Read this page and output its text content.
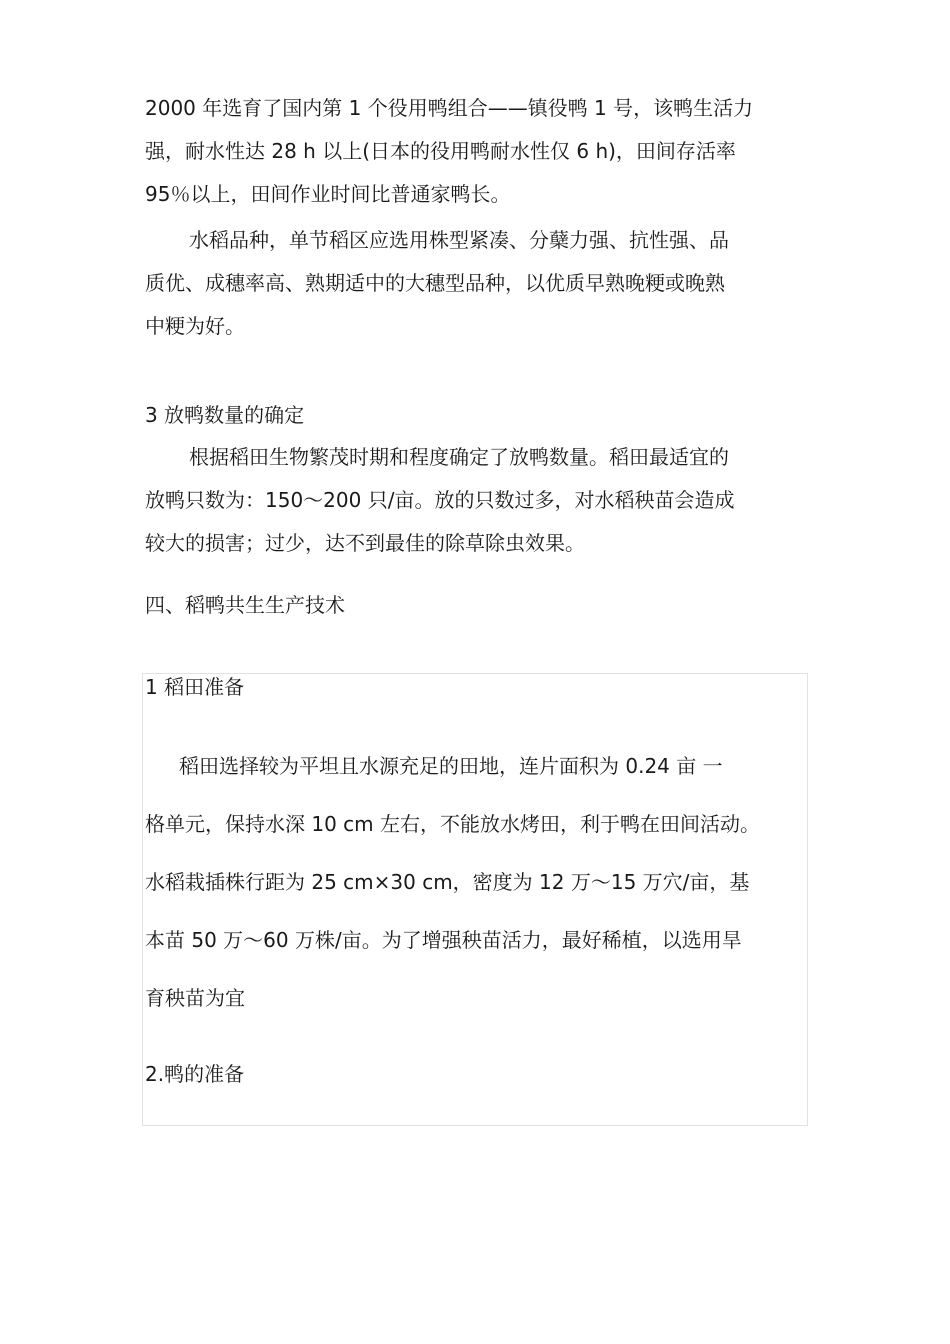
2000 年选育了国内第 1 个役用鸭组合——镇役鸭 1 号，该鸭生活力
强，耐水性达 28 h 以上(日本的役用鸭耐水性仅 6 h)，田间存活率
95％以上，田间作业时间比普通家鸭长。
水稻品种，单节稻区应选用株型紧凑、分蘖力强、抗性强、品
质优、成穗率高、熟期适中的大穗型品种，以优质早熟晚粳或晚熟
中粳为好。
3 放鸭数量的确定
根据稻田生物繁茂时期和程度确定了放鸭数量。稻田最适宜的
放鸭只数为：150～200 只/亩。放的只数过多，对水稻秧苗会造成
较大的损害；过少，达不到最佳的除草除虫效果。
四、稻鸭共生生产技术
1 稻田准备
稻田选择较为平坦且水源充足的田地，连片面积为 0.24 亩 一
格单元，保持水深 10 cm 左右，不能放水烤田，利于鸭在田间活动。
水稻栽插株行距为 25 cm×30 cm，密度为 12 万～15 万穴/亩，基
本苗 50 万～60 万株/亩。为了增强秧苗活力，最好稀植，以选用旱
育秧苗为宜
2.鸭的准备
